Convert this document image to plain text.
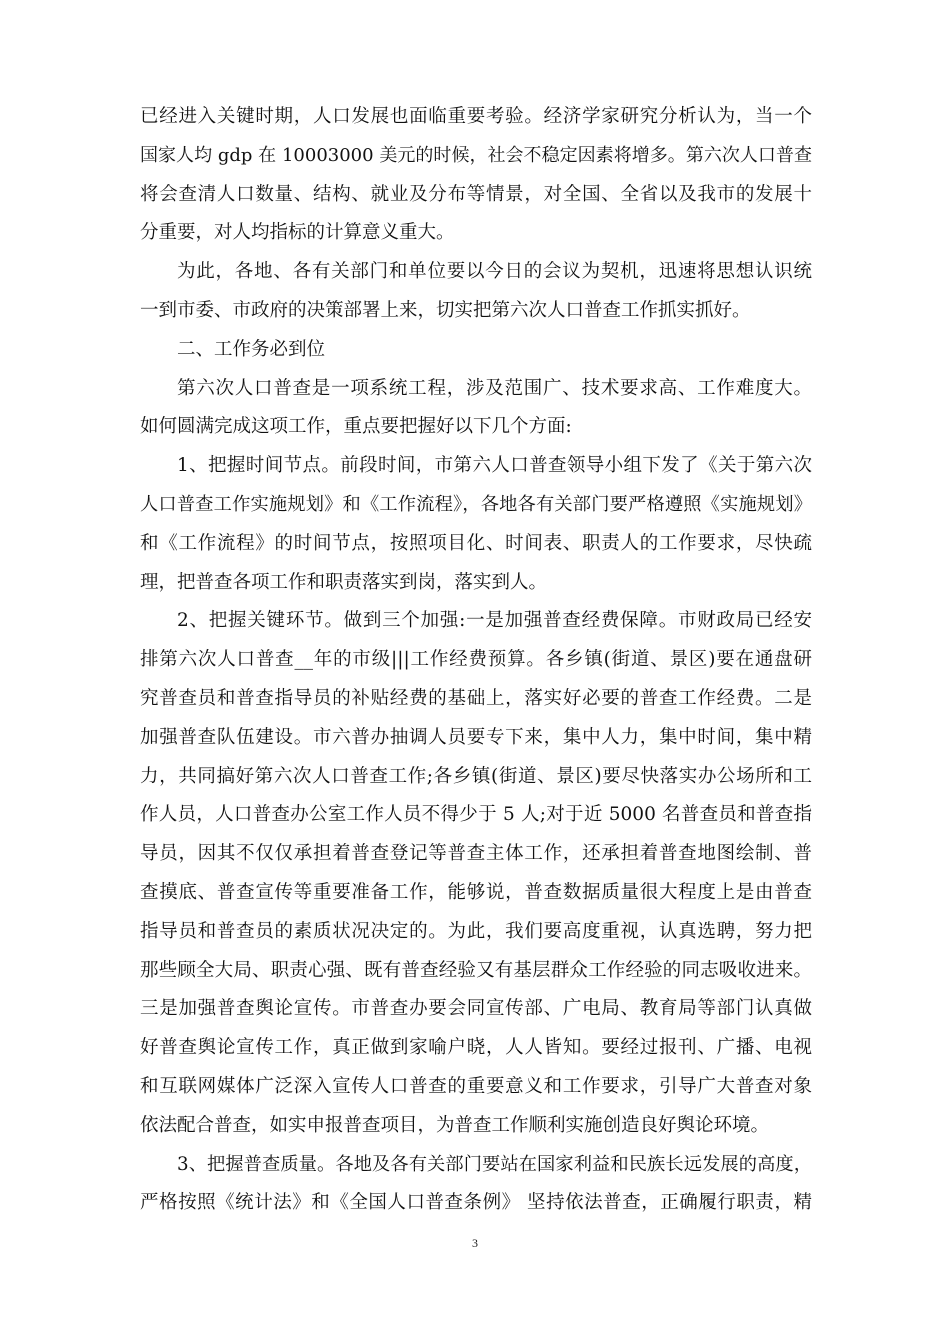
已经进入关键时期，人口发展也面临重要考验。经济学家研究分析认为，当一个
国家人均 gdp 在 10003000 美元的时候，社会不稳定因素将增多。第六次人口普查
将会查清人口数量、结构、就业及分布等情景，对全国、全省以及我市的发展十
分重要，对人均指标的计算意义重大。
为此，各地、各有关部门和单位要以今日的会议为契机，迅速将思想认识统
一到市委、市政府的决策部署上来，切实把第六次人口普查工作抓实抓好。
二、工作务必到位
第六次人口普查是一项系统工程，涉及范围广、技术要求高、工作难度大。
如何圆满完成这项工作，重点要把握好以下几个方面:
1、把握时间节点。前段时间，市第六人口普查领导小组下发了《关于第六次
人口普查工作实施规划》和《工作流程》，各地各有关部门要严格遵照《实施规划》
和《工作流程》的时间节点，按照项目化、时间表、职责人的工作要求，尽快疏
理，把普查各项工作和职责落实到岗，落实到人。
2、把握关键环节。做到三个加强:一是加强普查经费保障。市财政局已经安
排第六次人口普查__年的市级|||工作经费预算。各乡镇(街道、景区)要在通盘研
究普查员和普查指导员的补贴经费的基础上，落实好必要的普查工作经费。二是
加强普查队伍建设。市六普办抽调人员要专下来，集中人力，集中时间，集中精
力，共同搞好第六次人口普查工作;各乡镇(街道、景区)要尽快落实办公场所和工
作人员，人口普查办公室工作人员不得少于 5 人;对于近 5000 名普查员和普查指
导员，因其不仅仅承担着普查登记等普查主体工作，还承担着普查地图绘制、普
查摸底、普查宣传等重要准备工作，能够说，普查数据质量很大程度上是由普查
指导员和普查员的素质状况决定的。为此，我们要高度重视，认真选聘，努力把
那些顾全大局、职责心强、既有普查经验又有基层群众工作经验的同志吸收进来。
三是加强普查舆论宣传。市普查办要会同宣传部、广电局、教育局等部门认真做
好普查舆论宣传工作，真正做到家喻户晓，人人皆知。要经过报刊、广播、电视
和互联网媒体广泛深入宣传人口普查的重要意义和工作要求，引导广大普查对象
依法配合普查，如实申报普查项目，为普查工作顺利实施创造良好舆论环境。
3、把握普查质量。各地及各有关部门要站在国家利益和民族长远发展的高度，
严格按照《统计法》和《全国人口普查条例》 坚持依法普查，正确履行职责，精
3
